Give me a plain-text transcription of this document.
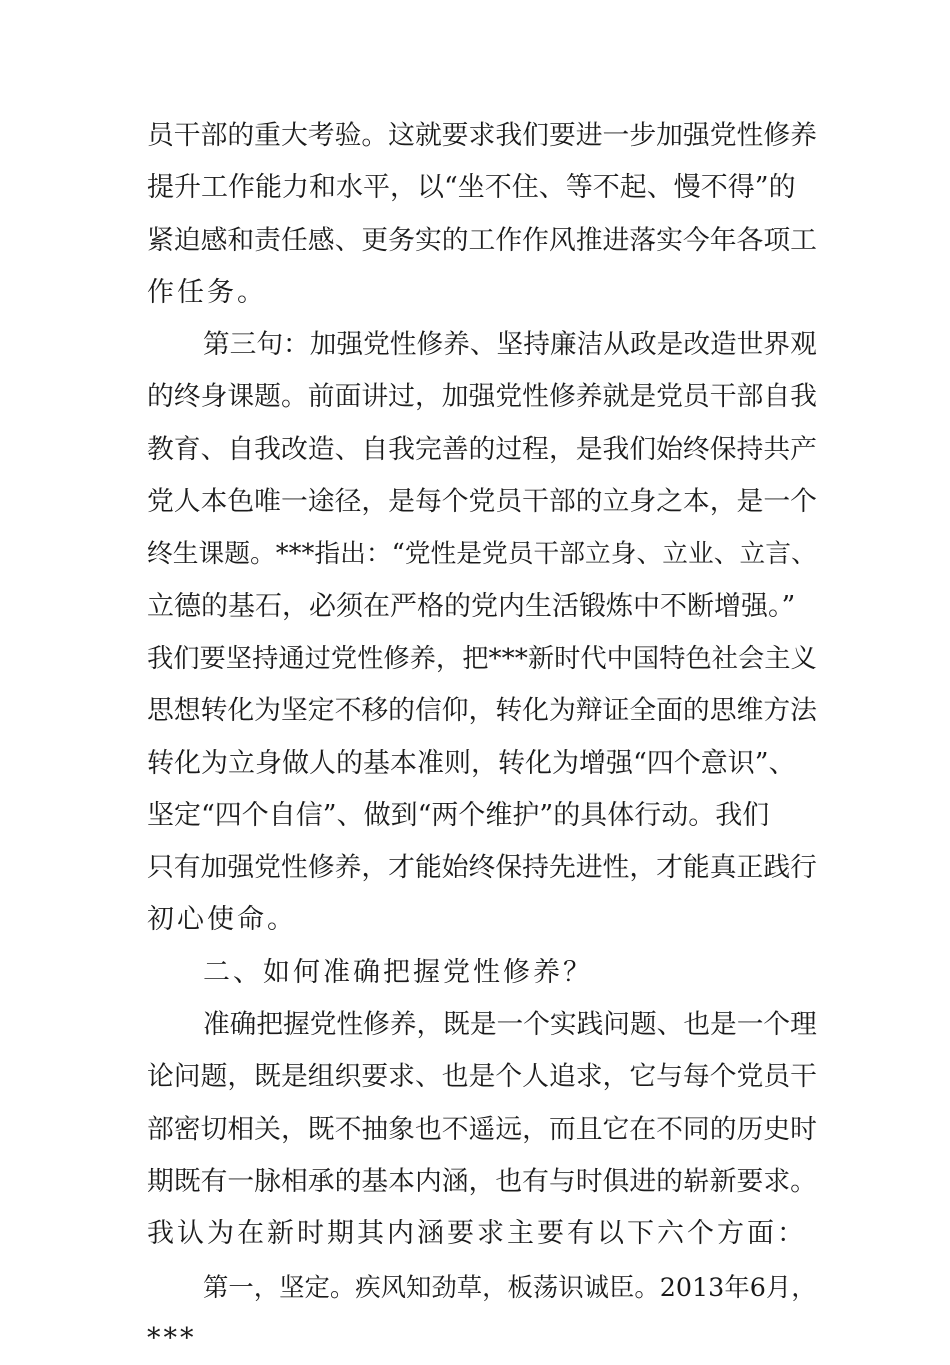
员干部的重大考验。这就要求我们要进一步加强党性修养
提升工作能力和水平，以“坐不住、等不起、慢不得”的
紧迫感和责任感、更务实的工作作风推进落实今年各项工
作任务。
第三句：加强党性修养、坚持廉洁从政是改造世界观
的终身课题。前面讲过，加强党性修养就是党员干部自我
教育、自我改造、自我完善的过程，是我们始终保持共产
党人本色唯一途径，是每个党员干部的立身之本，是一个
终生课题。***指出：“党性是党员干部立身、立业、立言、
立德的基石，必须在严格的党内生活锻炼中不断增强。”
我们要坚持通过党性修养，把***新时代中国特色社会主义
思想转化为坚定不移的信仰，转化为辩证全面的思维方法
转化为立身做人的基本准则，转化为增强“四个意识”、
坚定“四个自信”、做到“两个维护”的具体行动。我们
只有加强党性修养，才能始终保持先进性，才能真正践行
初心使命。
二、如何准确把握党性修养？
准确把握党性修养，既是一个实践问题、也是一个理
论问题，既是组织要求、也是个人追求，它与每个党员干
部密切相关，既不抽象也不遥远，而且它在不同的历史时
期既有一脉相承的基本内涵，也有与时俱进的崭新要求。
我认为在新时期其内涵要求主要有以下六个方面：
第一，坚定。疾风知劲草，板荡识诚臣。2013年6月，
***
